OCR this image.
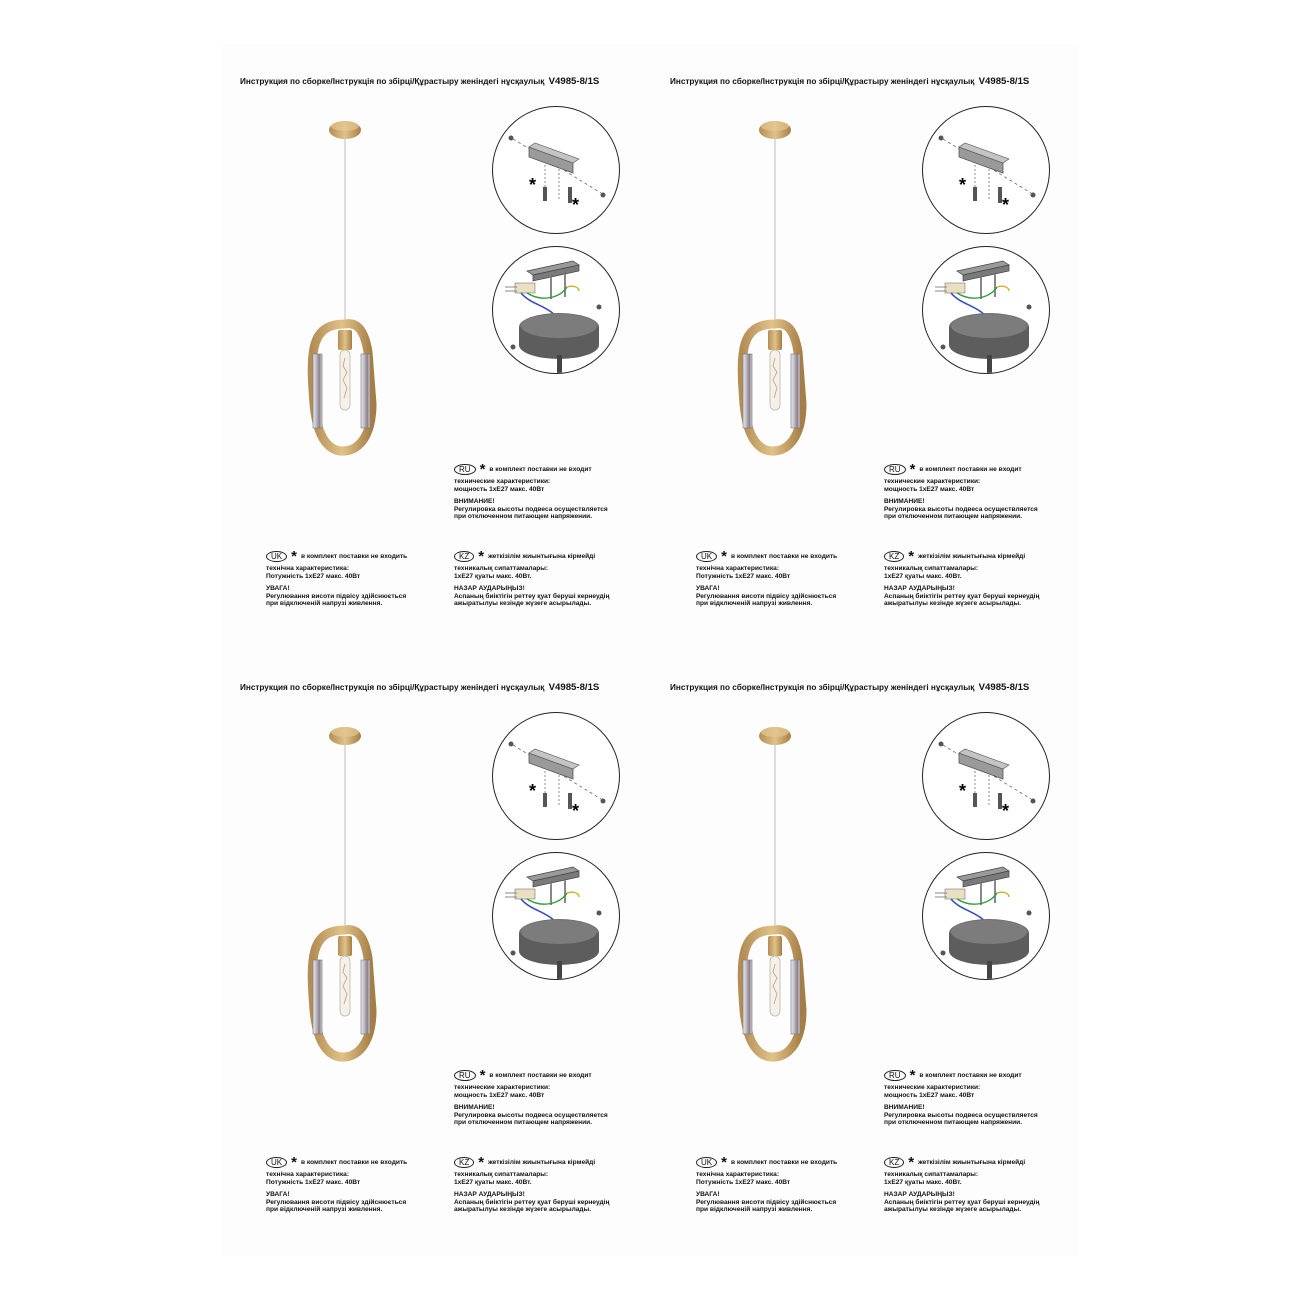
Инструкция по сборке/Інструкція по збірці/Құрастыру женіндегі нұсқаулық V4985-8/1S
*
*
RU * в комплект поставки не входит
технические характеристики:
мощность 1хЕ27 макс. 40Вт
ВНИМАНИЕ!
Регулировка высоты подвеса осуществляется
при отключенном питающем напряжении.
UK * в комплект поставки не входить
технічна характеристика:
Потужність 1хЕ27 макс. 40Вт
УВАГА!
Регулювання висоти підвісу здійснюється
при відключеній напрузі живлення.
KZ * жеткізілім жиынтығына кірмейді
техникалық сипаттамалары:
1хЕ27 қуаты макс. 40Вт.
НАЗАР АУДАРЫҢЫЗ!
Аспаның биіктігін реттеу қуат беруші кернеудің
ажыратылуы кезінде жүзеге асырылады.
Инструкция по сборке/Інструкція по збірці/Құрастыру женіндегі нұсқаулық V4985-8/1S
*
*
RU * в комплект поставки не входит
технические характеристики:
мощность 1хЕ27 макс. 40Вт
ВНИМАНИЕ!
Регулировка высоты подвеса осуществляется
при отключенном питающем напряжении.
UK * в комплект поставки не входить
технічна характеристика:
Потужність 1хЕ27 макс. 40Вт
УВАГА!
Регулювання висоти підвісу здійснюється
при відключеній напрузі живлення.
KZ * жеткізілім жиынтығына кірмейді
техникалық сипаттамалары:
1хЕ27 қуаты макс. 40Вт.
НАЗАР АУДАРЫҢЫЗ!
Аспаның биіктігін реттеу қуат беруші кернеудің
ажыратылуы кезінде жүзеге асырылады.
Инструкция по сборке/Інструкція по збірці/Құрастыру женіндегі нұсқаулық V4985-8/1S
*
*
RU * в комплект поставки не входит
технические характеристики:
мощность 1хЕ27 макс. 40Вт
ВНИМАНИЕ!
Регулировка высоты подвеса осуществляется
при отключенном питающем напряжении.
UK * в комплект поставки не входить
технічна характеристика:
Потужність 1хЕ27 макс. 40Вт
УВАГА!
Регулювання висоти підвісу здійснюється
при відключеній напрузі живлення.
KZ * жеткізілім жиынтығына кірмейді
техникалық сипаттамалары:
1хЕ27 қуаты макс. 40Вт.
НАЗАР АУДАРЫҢЫЗ!
Аспаның биіктігін реттеу қуат беруші кернеудің
ажыратылуы кезінде жүзеге асырылады.
Инструкция по сборке/Інструкція по збірці/Құрастыру женіндегі нұсқаулық V4985-8/1S
*
*
RU * в комплект поставки не входит
технические характеристики:
мощность 1хЕ27 макс. 40Вт
ВНИМАНИЕ!
Регулировка высоты подвеса осуществляется
при отключенном питающем напряжении.
UK * в комплект поставки не входить
технічна характеристика:
Потужність 1хЕ27 макс. 40Вт
УВАГА!
Регулювання висоти підвісу здійснюється
при відключеній напрузі живлення.
KZ * жеткізілім жиынтығына кірмейді
техникалық сипаттамалары:
1хЕ27 қуаты макс. 40Вт.
НАЗАР АУДАРЫҢЫЗ!
Аспаның биіктігін реттеу қуат беруші кернеудің
ажыратылуы кезінде жүзеге асырылады.
